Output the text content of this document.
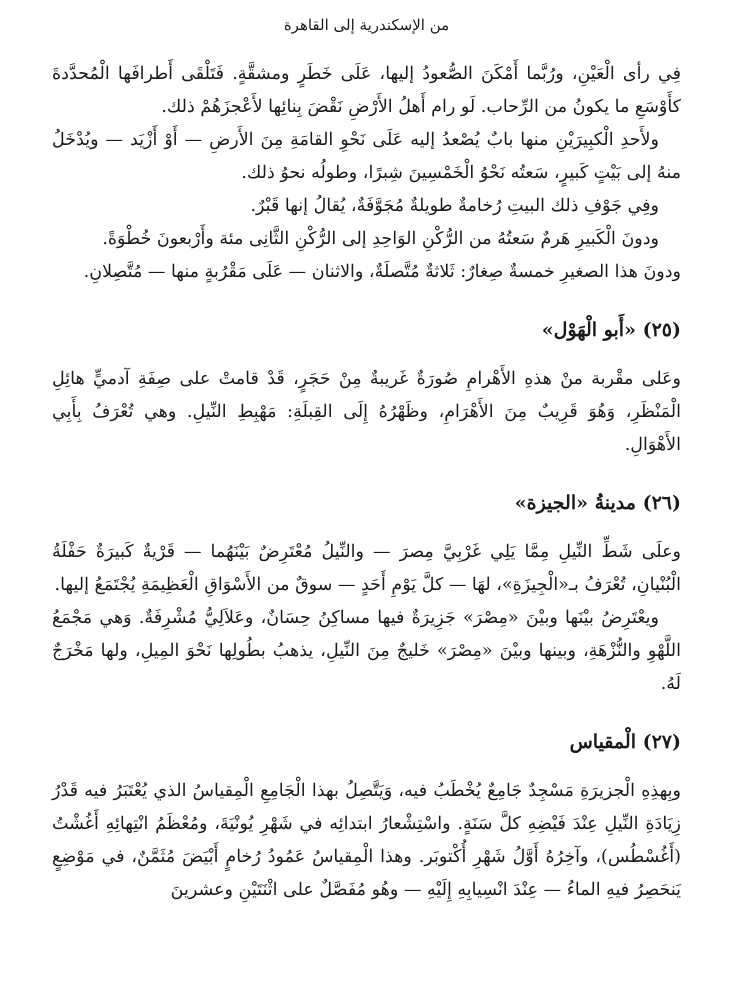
من الإسكندرية إلى القاهرة

فِي رأى الْعَيْنِ، ورُبَّما أَمْكَنَ الصُّعودُ إليها، عَلَى خَطَرٍ ومشقَّةٍ. فَتَلْقَى أَطرافَها الْمُحدَّدةَ كأَوْسَعِ ما يكونُ من الرِّحاب. لَو رام أَهلُ الأَرْضِ نَقْضَ بِنائِها لأَعْجزَهُمْ ذلك.

ولأَحدِ الْكبِيرَيْنِ منها بابٌ يُصْعدُ إليه عَلَى نَحْوِ القامَةِ مِنَ الأَرضِ — أَوْ أَزْيَد — ويُدْخَلُ منهُ إلى بَيْتٍ كَبيرٍ، سَعتُه نَحْوُ الْخَمْسِينَ شِبرًا، وطولُه نحوُ ذلك.

وفِي جَوْفِ ذلك البيتِ رُخامةٌ طويلةٌ مُجَوَّفَةٌ، يُقالُ إنها قَبْرٌ.

ودونَ الْكَبيرِ هَرمٌ سَعتُهُ من الرُّكْنِ الوَاحِدِ إلى الرُّكْنِ الثَّانِى مئة وأَرْبعونَ خُطْوَةً.

ودونَ هذا الصغيرِ خمسةٌ صِغارٌ: ثَلاثةٌ مُتَّصلَةٌ، والاثنان — عَلَى مَقْرُبةٍ منها — مُتَّصِلانِ.

(٢٥) «أَبو الْهَوْل»

وعَلى مقْربة منْ هذهِ الأَهْرامِ صُورَةٌ غَريبةٌ مِنْ حَجَرٍ، قَدْ قامتْ على صِفَةِ آدميٍّ هائِلِ الْمَنْظَرِ، وَهُوَ قَرِيبٌ مِنَ الأَهْرَامِ، وظَهْرُهُ إِلَى القِبلَةِ: مَهْبِطِ النِّيلِ. وهي تُعْرَفُ بِأَبِي الأَهْوَالِ.

(٢٦) مدينةُ «الجيزة»

وعلَى شَطِّ النِّيلِ مِمَّا يَلِي غَرْبِيَّ مِصرَ — والنِّيلُ مُعْتَرِضٌ بَيْنَهُما — قَرْيةٌ كَبيرَةٌ حَفْلَةُ الْبُنْيانِ، تُعْرَفُ بـ«الْجِيزَةِ»، لهَا — كلَّ يَوْمِ أَحَدٍ — سوقٌ من الأَسْوَاقِ الْعَظِيمَةِ يُجْتَمَعُ إليها.

ويعْتَرِضُ بيْنَها وبيْنَ «مِصْرَ» جَزِيرَةٌ فيها مساكِنُ حِسَانٌ، وعَلاَلِيُّ مُشْرِفَةٌ. وَهي مَجْمَعُ اللَّهْوِ والنُّزْهَةِ، وبينها وبيْنَ «مِصْرَ» خَليجٌ مِنَ النِّيلِ، يذهبُ بطُولِها نَحْوَ المِيلِ، ولها مَخْرَجٌ لَهُ.

(٢٧) الْمقياس

وبِهذِهِ الْجزيرَةِ مَسْجِدٌ جَامِعٌ يُخْطَبُ فيه، وَيَتَّصِلُ بهذا الْجَامِعِ الْمِقياسُ الذي يُعْتَبَرُ فيه قَدْرُ زِيَادَةِ النِّيلِ عِنْدَ فَيْضِهِ كلَّ سَنَةٍ. واسْتِشْعارُ ابتدائِه في شَهْرِ يُونْيَةَ، ومُعْظَمُ انْتِهائِهِ أَغُشْتُ (أَغُسْطُس)، وآخِرُهُ أَوَّلُ شَهْرِ أُكْتوبَر. وهذا الْمِقياسُ عَمُودُ رُخامٍ أَبْيَضَ مُثَمَّنٌ، في مَوْضِعٍ يَنحَصِرُ فيهِ الماءُ — عِنْدَ انْسِيابِهِ إِلَيْهِ — وهُو مُفَصَّلٌ على اثْنَتَيْنِ وعشرينَ
